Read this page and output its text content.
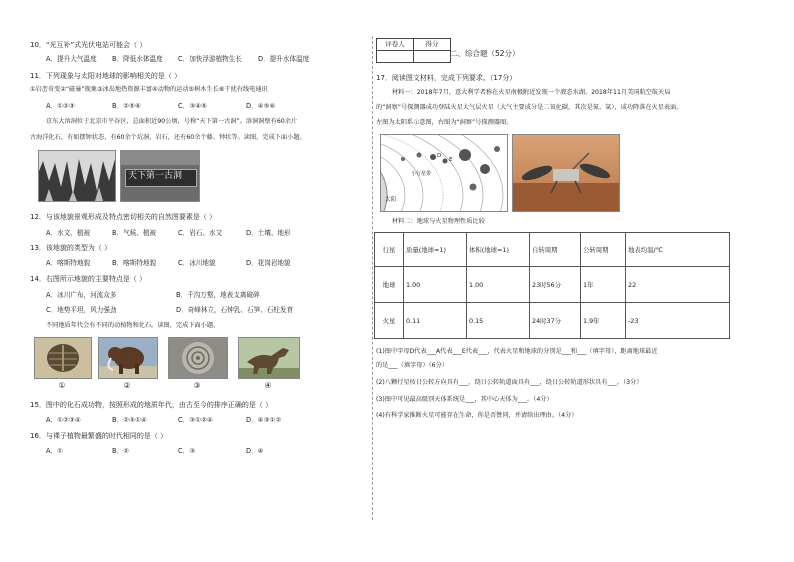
10．“光互补”式光伏电站可能会（ ）
A．提升大气温度 B．降低水体温度 C．加快浮游植物生长 D．提升水体温度
11．下列现象与太阳对地球的影响相关的是（ ）
①岩峦奇变②“磁暴”现象③冰岛地热资源丰富④动物的运动⑤树木生长⑥干扰有线电通讯
A．①②③	B．②⑤⑥	C．③④⑤	D．④⑤⑥
京东大溶洞位于北京市平谷区，总面积近90公顷，号称“天下第一古洞”。溶洞洞壁有60余片
古海洋化石，有如摆钟状态，有60余个坑洞、岩石，还有60余个藤、钟状等。读图，完成下面小题。
天下第一古洞
12．与该地貌景观形成及特点密切相关的自然图要素是（ ）
A．水文、植被	B．气候、植被	C．岩石、水文	D．土壤、地形
13．该地貌的类型为（ ）
A．喀斯特地貌	B．喀斯特地貌	C．冰川地貌	D．花岗岩地貌
14．右图所示地貌的主要特点是（ ）
A．冰川广布，河流众多	B．千沟万壑，地表支离破碎
C．地势平坦，风力强劲	D．奇峰林立，石钟乳、石笋、石柱发育
不同地质年代会有不同的动植物和化石。读图，完成下面小题。
①	②	③	④
15．图中的化石成功物，按照形成的地质年代，由古至今的排序正确的是（ ）
A．①②③④	B．②③①④	C．③①②④	D．④③①②
16．与裸子植物最繁盛的时代相同的是（ ）
A．①	B．②	C．③	D．④
评卷人	得分

二、综合题（52分）
17．阅读图文材料，完成下列要求。（17分）
材料一：2018年7月，意大利学者称在火星南极附近发现一个液态水湖。2018年11月美国航空航天局
的“洞察”号探测器成功登陆火星大气层火星（大气主要成分是二氧化碳，其次是氮、氩），成功降落在火星表面。
左图为太阳系示意图，右图为“洞察”号探测器图。
太阳
小行星带
D
E
材料二：地球与火星物理性质比较
行星	质量(地球=1)	体积(地球=1)	自转周期	公转周期	地表均温/℃
地球	1.00	1.00	23时56分	1年	22
火星	0.11	0.15	24时37分	1.9年	-23
(1)图中字母D代表___A代表___E代表___，代表火星和地球的分别是___和___（填字母），距离地球最近
的是___（填字母）（6分）
(2)八颗行星按日公转方向具有___，绕日公转轨道面具有___，绕日公转轨道形状具有___。（3分）
(3)图中可见最高级别天体系统是___，其中心天体为___。（4分）
(4)有科学家推断火星可能存在生命，你是否赞同，并请给出理由。（4分）
